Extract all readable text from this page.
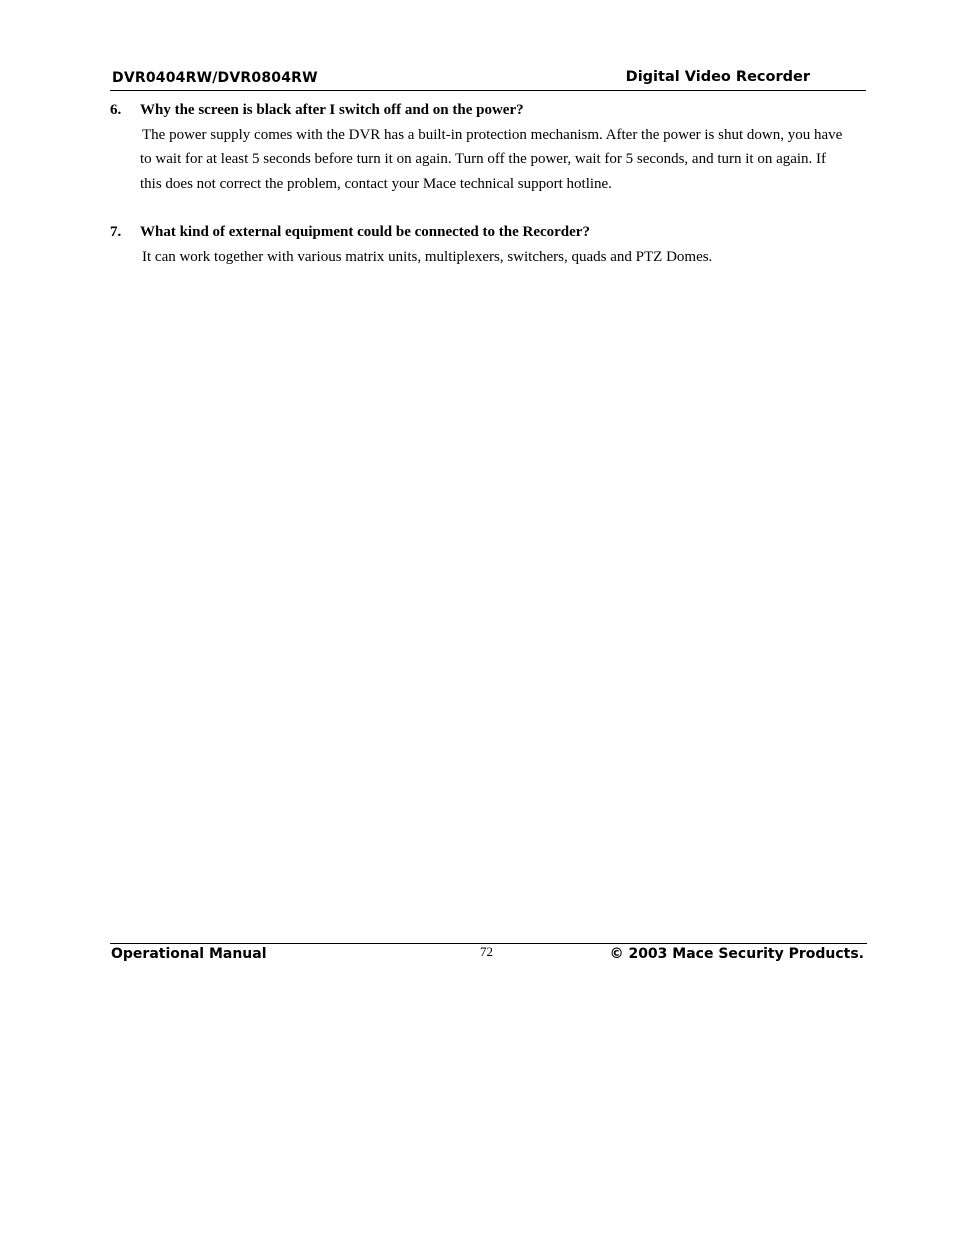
DVR0404RW/DVR0804RW	Digital Video Recorder
6.	Why the screen is black after I switch off and on the power?
The power supply comes with the DVR has a built-in protection mechanism. After the power is shut down, you have to wait for at least 5 seconds before turn it on again. Turn off the power, wait for 5 seconds, and turn it on again. If this does not correct the problem, contact your Mace technical support hotline.
7.	What kind of external equipment could be connected to the Recorder?
It can work together with various matrix units, multiplexers, switchers, quads and PTZ Domes.
Operational Manual	72	© 2003 Mace Security Products.
